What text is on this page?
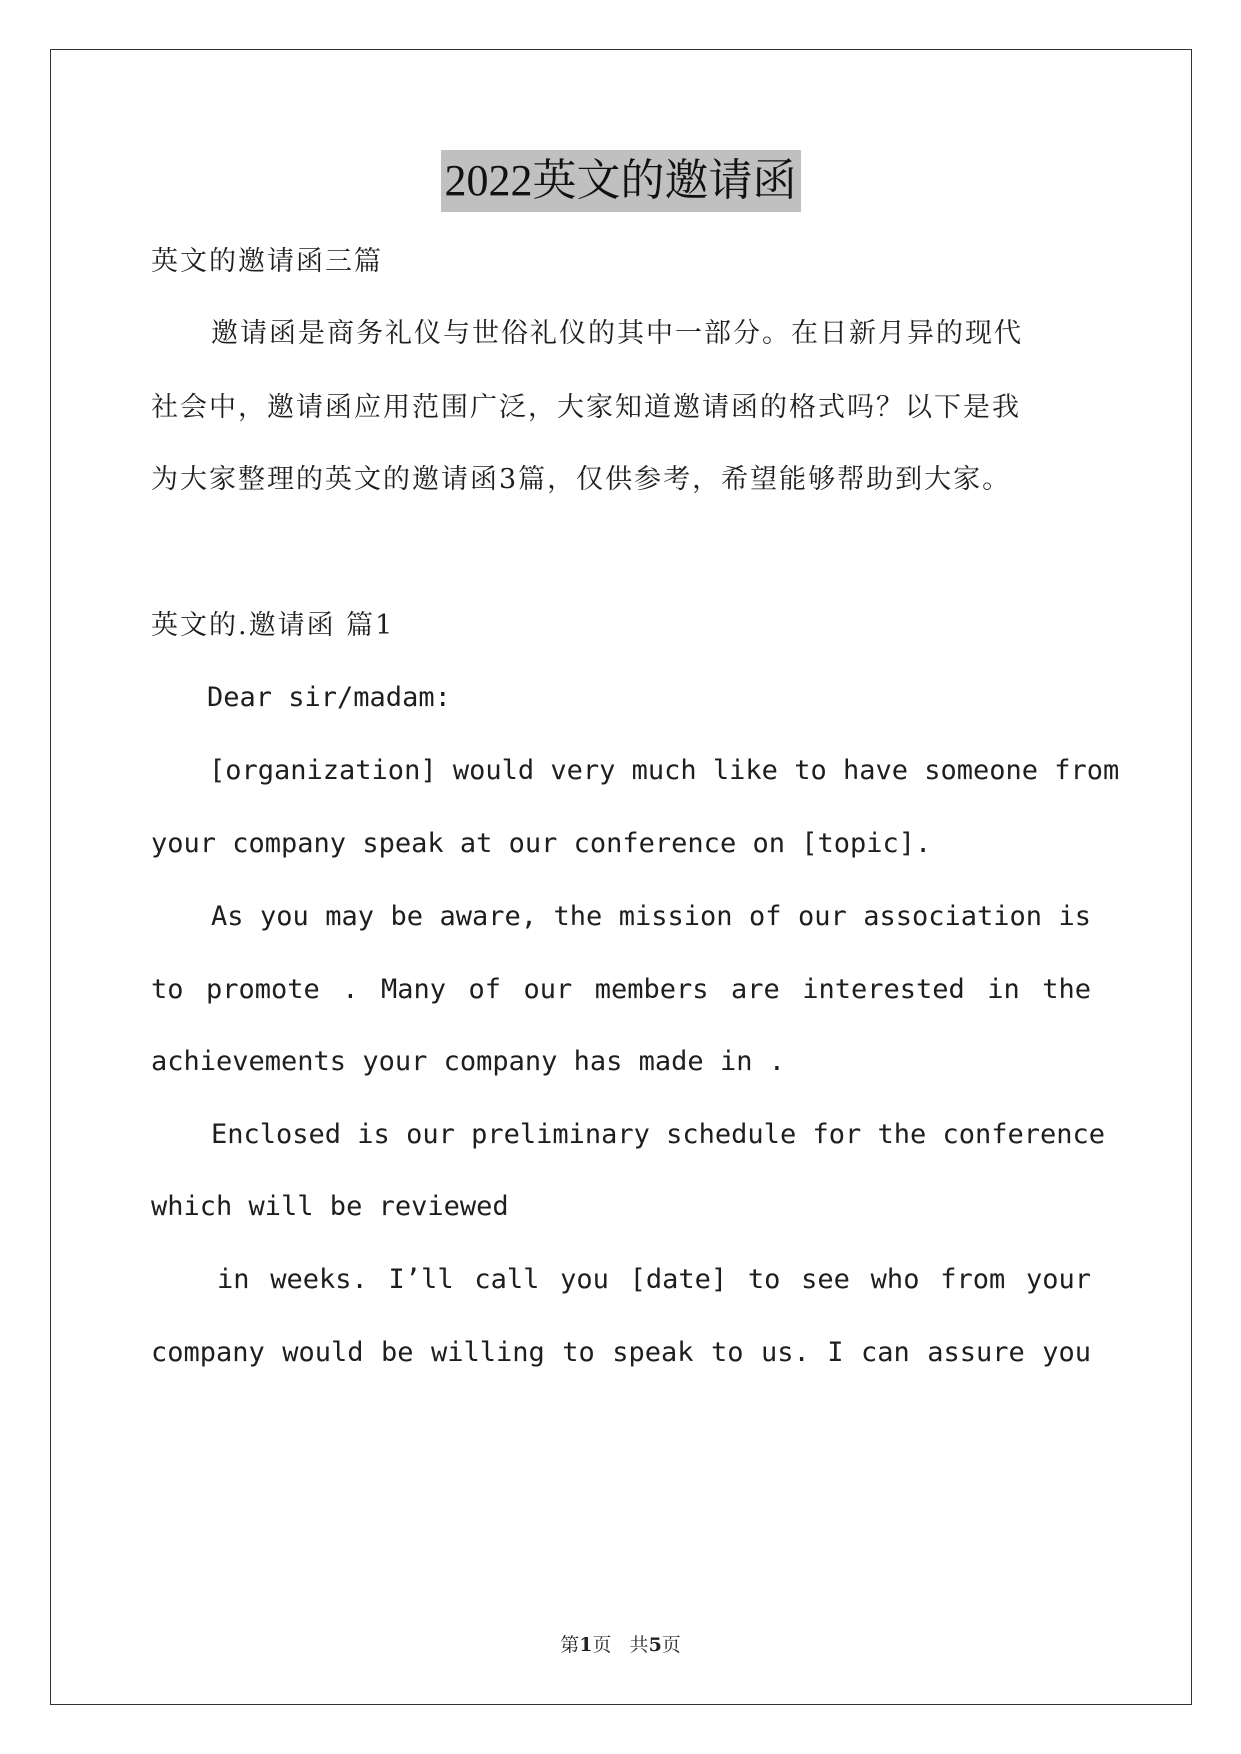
2022英文的邀请函
英文的邀请函三篇
邀请函是商务礼仪与世俗礼仪的其中一部分。在日新月异的现代
社会中，邀请函应用范围广泛，大家知道邀请函的格式吗？以下是我
为大家整理的英文的邀请函3篇，仅供参考，希望能够帮助到大家。
英文的.邀请函 篇1
Dear sir/madam:
[organization] would very much like to have someone from
your company speak at our conference on [topic].
As you may be aware, the mission of our association is
to promote . Many of our members are interested in the
achievements your company has made in .
Enclosed is our preliminary schedule for the conference
which will be reviewed
in weeks. I’ll call you [date] to see who from your
company would be willing to speak to us. I can assure you
第1页   共5页
